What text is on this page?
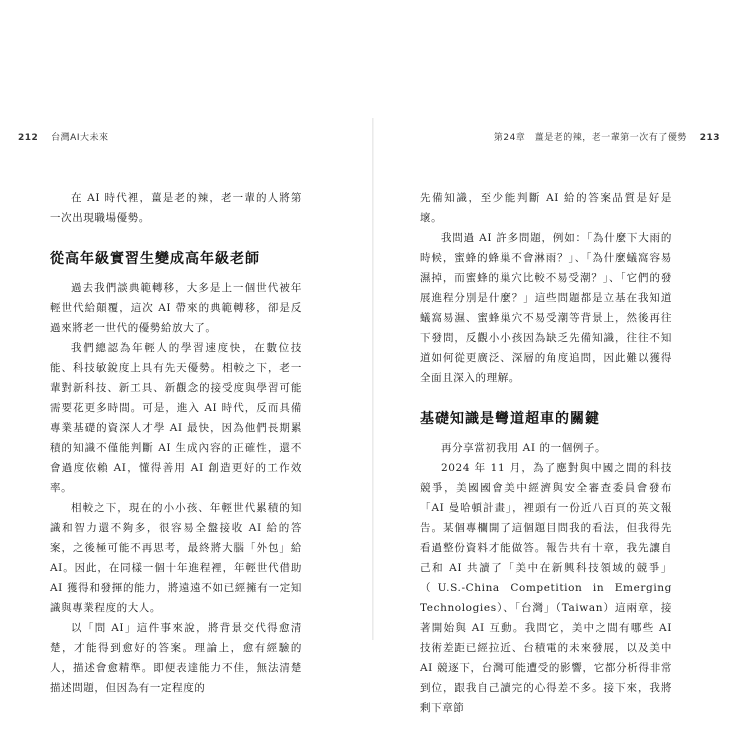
212 台灣AI大未來

在 AI 時代裡，薑是老的辣，老一輩的人將第一次出現職場優勢。

從高年級實習生變成高年級老師

過去我們談典範轉移，大多是上一個世代被年輕世代給顛覆，這次 AI 帶來的典範轉移，卻是反過來將老一世代的優勢給放大了。

我們總認為年輕人的學習速度快，在數位技能、科技敏銳度上具有先天優勢。相較之下，老一輩對新科技、新工具、新觀念的接受度與學習可能需要花更多時間。可是，進入 AI 時代，反而具備專業基礎的資深人才學 AI 最快，因為他們長期累積的知識不僅能判斷 AI 生成內容的正確性，還不會過度依賴 AI，懂得善用 AI 創造更好的工作效率。

相較之下，現在的小小孩、年輕世代累積的知識和智力還不夠多，很容易全盤接收 AI 給的答案，之後極可能不再思考，最終將大腦「外包」給 AI。因此，在同樣一個十年進程裡，年輕世代借助 AI 獲得和發揮的能力，將遠遠不如已經擁有一定知識與專業程度的大人。

以「問 AI」這件事來說，將背景交代得愈清楚，才能得到愈好的答案。理論上，愈有經驗的人，描述會愈精準。即便表達能力不佳，無法清楚描述問題，但因為有一定程度的

第24章　薑是老的辣，老一輩第一次有了優勢 213

先備知識，至少能判斷 AI 給的答案品質是好是壞。

我問過 AI 許多問題，例如：「為什麼下大雨的時候，蜜蜂的蜂巢不會淋雨？」、「為什麼蟻窩容易濕掉，而蜜蜂的巢穴比較不易受潮？」、「它們的發展進程分別是什麼？」這些問題都是立基在我知道蟻窩易濕、蜜蜂巢穴不易受潮等背景上，然後再往下發問，反觀小小孩因為缺乏先備知識，往往不知道如何從更廣泛、深層的角度追問，因此難以獲得全面且深入的理解。

基礎知識是彎道超車的關鍵

再分享當初我用 AI 的一個例子。

2024 年 11 月，為了應對與中國之間的科技競爭，美國國會美中經濟與安全審查委員會發布「AI 曼哈頓計畫」，裡頭有一份近八百頁的英文報告。某個專欄開了這個題目問我的看法，但我得先看過整份資料才能做答。報告共有十章，我先讓自己和 AI 共讀了「美中在新興科技領域的競爭」（U.S.-China Competition in Emerging Technologies）、「台灣」（Taiwan）這兩章，接著開始與 AI 互動。我問它，美中之間有哪些 AI 技術差距已經拉近、台積電的未來發展，以及美中 AI 競逐下，台灣可能遭受的影響，它都分析得非常到位，跟我自己讀完的心得差不多。接下來，我將剩下章節
